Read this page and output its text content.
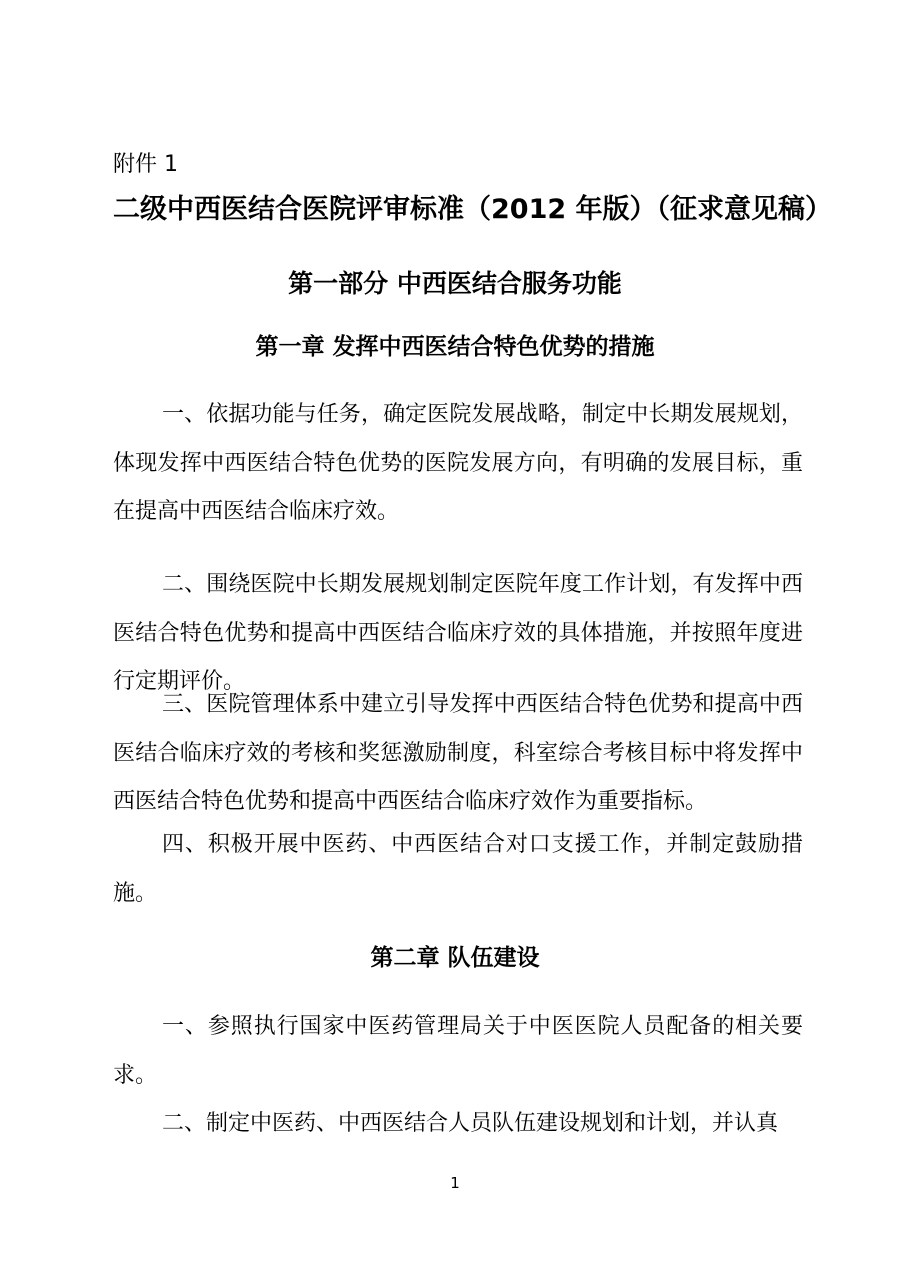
附件 1
二级中西医结合医院评审标准（2012 年版）（征求意见稿）
第一部分 中西医结合服务功能
第一章 发挥中西医结合特色优势的措施
一、依据功能与任务，确定医院发展战略，制定中长期发展规划，体现发挥中西医结合特色优势的医院发展方向，有明确的发展目标，重在提高中西医结合临床疗效。
二、围绕医院中长期发展规划制定医院年度工作计划，有发挥中西医结合特色优势和提高中西医结合临床疗效的具体措施，并按照年度进行定期评价。
三、医院管理体系中建立引导发挥中西医结合特色优势和提高中西医结合临床疗效的考核和奖惩激励制度，科室综合考核目标中将发挥中西医结合特色优势和提高中西医结合临床疗效作为重要指标。
四、积极开展中医药、中西医结合对口支援工作，并制定鼓励措施。
第二章 队伍建设
一、参照执行国家中医药管理局关于中医医院人员配备的相关要求。
二、制定中医药、中西医结合人员队伍建设规划和计划，并认真
1
